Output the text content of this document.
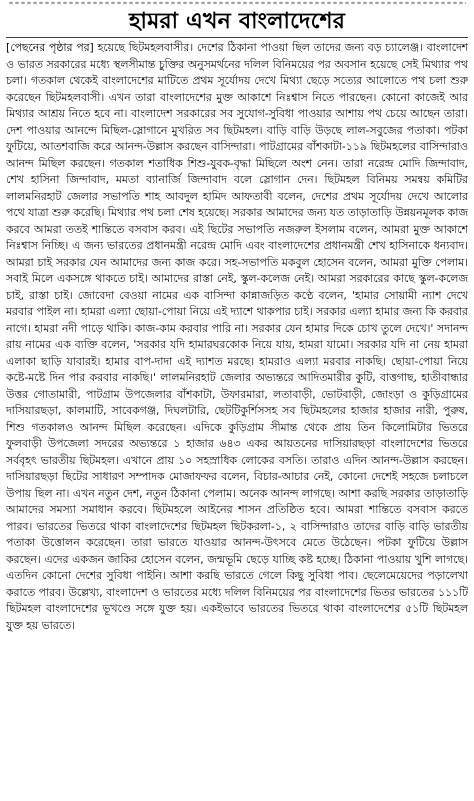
হামরা এখন বাংলাদেশের

[পেছনের পৃষ্ঠার পর] হয়েছে ছিটমহলবাসীর। দেশের ঠিকানা পাওয়া ছিল তাদের জন্য বড় চ্যালেঞ্জ। বাংলাদেশ ও ভারত সরকারের মধ্যে স্থলসীমান্ত চুক্তির অনুসমর্থনের দলিল বিনিময়ের পর অবসান হয়েছে সেই মিথ্যার পথ চলা। গতকাল থেকেই বাংলাদেশের মাটিতে প্রথম সূর্যোদয় দেখে মিথ্যা ছেড়ে সত্যের আলোতে পথ চলা শুরু করেছেন ছিটমহলবাসী। এখন তারা বাংলাদেশের মুক্ত আকাশে নিঃশ্বাস নিতে পারছেন। কোনো কাজেই আর মিথ্যার আশ্রয় নিতে হবে না। বাংলাদেশ সরকারের সব সুযোগ-সুবিধা পাওয়ার আশায় পথ চেয়ে আছেন তারা। দেশ পাওয়ার আনন্দে মিছিল-স্লোগানে মুখরিত সব ছিটমহল। বাড়ি বাড়ি উড়ছে লাল-সবুজের পতাকা। পটকা ফুটিয়ে, আতশবাজি করে আনন্দ-উল্লাস করছেন বাসিন্দারা। পাটগ্রামের বাঁশকাটা-১১৯ ছিটমহলের বাসিন্দারাও আনন্দ মিছিল করছেন। গতকাল শতাধিক শিশু-যুবক-বৃদ্ধা মিছিলে অংশ নেন। তারা নরেন্দ্র মোদি জিন্দাবাদ, শেখ হাসিনা জিন্দাবাদ, মমতা ব্যানার্জি জিন্দাবাদ বলে স্লোগান দেন। ছিটমহল বিনিময় সমন্বয় কমিটির লালমনিরহাট জেলার সভাপতি শাহ আবদুল হামিদ আফতাবী বলেন, দেশের প্রথম সূর্যোদয় দেখে আলোর পথে যাত্রা শুরু করেছি। মিথ্যার পথ চলা শেষ হয়েছে। সরকার আমাদের জন্য যত তাড়াতাড়ি উন্নয়নমূলক কাজ করবে আমরা ততই শান্তিতে বসবাস করব। এই ছিটের সভাপতি নজরুল ইসলাম বলেন, আমরা মুক্ত আকাশে নিঃশ্বাস নিচ্ছি। এ জন্য ভারতের প্রধানমন্ত্রী নরেন্দ্র মোদি এবং বাংলাদেশের প্রধানমন্ত্রী শেখ হাসিনাকে ধন্যবাদ। আমরা চাই সরকার যেন আমাদের জন্য কাজ করে। সহ-সভাপতি মকবুল হোসেন বলেন, আমরা মুক্তি পেলাম। সবাই মিলে একসঙ্গে থাকতে চাই। আমাদের রাস্তা নেই, স্কুল-কলেজ নেই। আমরা সরকারের কাছে স্কুল-কলেজ চাই, রাস্তা চাই। জোবেদা বেওয়া নামের এক বাসিন্দা কান্নাজড়িত কণ্ঠে বলেন, 'হামার সোয়ামী ন্যাশ দেখে মরবার পাইল না। হামরা এল্যা ছোয়া-পোয়া নিয়ে এই দ্যাশে থাকপার চাই। সরকার এল্যা হামার জন্য কি করবার নাগে। হামরা নদী পাড়ে থাকি। কাজ-কাম করবার পারি না। সরকার যেন হামার দিকে চোখ তুলে দেখে।' সদানন্দ রায় নামের এক ব্যক্তি বলেন, 'সরকার যদি হামারঘরকোক নিয়ে যায়, হামরা যামো। সরকার যদি না নেয় হামরা এলাকা ছাড়ি যাবারই। হামার বাপ-দাদা এই দ্যাশত মরছে। হামরাও এল্যা মরবার নাকছি। ছোয়া-পোয়া নিয়ে কষ্টে-মষ্টে দিন পার করবার নাকছি।' লালমনিরহাট জেলার অভ্যন্তরে আদিতমারীর কুটি, বাত্তগাছ, হাতীবান্ধার উত্তর গোতামারী, পাটগ্রাম উপজেলার বাঁশকাটা, উফারমারা, লতাবাড়ী, ভোটবাড়ী, জোংড়া ও কুড়িগ্রামের দাসিয়ারছড়া, কালমাটি, সাবেকগঞ্জ, দিঘলটারি, ছেটটিকুর্শিসসহ সব ছিটমহলের হাজার হাজার নারী, পুরুষ, শিশু গতকালও আনন্দ মিছিল করেছেন। এদিকে কুড়িগ্রাম সীমান্ত থেকে প্রায় তিন কিলোমিটার ভিতরে ফুলবাড়ী উপজেলা সদরের অভ্যন্তরে ১ হাজার ৬৪৩ একর আয়তনের দাসিয়ারছড়া বাংলাদেশের ভিতরে সর্ববৃহৎ ভারতীয় ছিটমহল। এখানে প্রায় ১০ সহস্রাধিক লোকের বসতি। তারাও এদিন আনন্দ-উল্লাস করছেন। দাসিয়ারছড়া ছিটের সাধারণ সম্পাদক মোজাফফর বলেন, বিচার-আচার নেই, কোনো দেশেই সহজে চলাচলে উপায় ছিল না। এখন নতুন দেশ, নতুন ঠিকানা পেলাম। অনেক আনন্দ লাগছে। আশা করছি সরকার তাড়াতাড়ি আমাদের সমস্যা সমাধান করবে। ছিটমহলে আইনের শাসন প্রতিষ্ঠিত হবে। আমরা শান্তিতে বসবাস করতে পারব। ভারতের ভিতরে থাকা বাংলাদেশের ছিটমহল ছিটকরলা-১, ২ বাসিন্দারাও তাদের বাড়ি বাড়ি ভারতীয় পতাকা উত্তোলন করেছেন। তারা ভারতে যাওয়ার আনন্দ-উৎসবে মেতে উঠেছেন। পটকা ফুটিয়ে উল্লাস করছেন। এদের একজন জাকির হোসেন বলেন, জন্মভূমি ছেড়ে যাচ্ছি কষ্ট হচ্ছে। ঠিকানা পাওয়ায় খুশি লাগছে। এতদিন কোনো দেশের সুবিধা পাইনি। আশা করছি ভারতে গেলে কিছু সুবিধা পাব। ছেলেমেয়েদের পড়ালেখা করাতে পারব। উল্লেখ্য, বাংলাদেশ ও ভারতের মধ্যে দলিল বিনিময়ের পর বাংলাদেশের ভিতর ভারতের ১১১টি ছিটমহল বাংলাদেশের ভূখণ্ডে সঙ্গে যুক্ত হয়। একইভাবে ভারতের ভিতরে থাকা বাংলাদেশের ৫১টি ছিটমহল যুক্ত হয় ভারতে।
